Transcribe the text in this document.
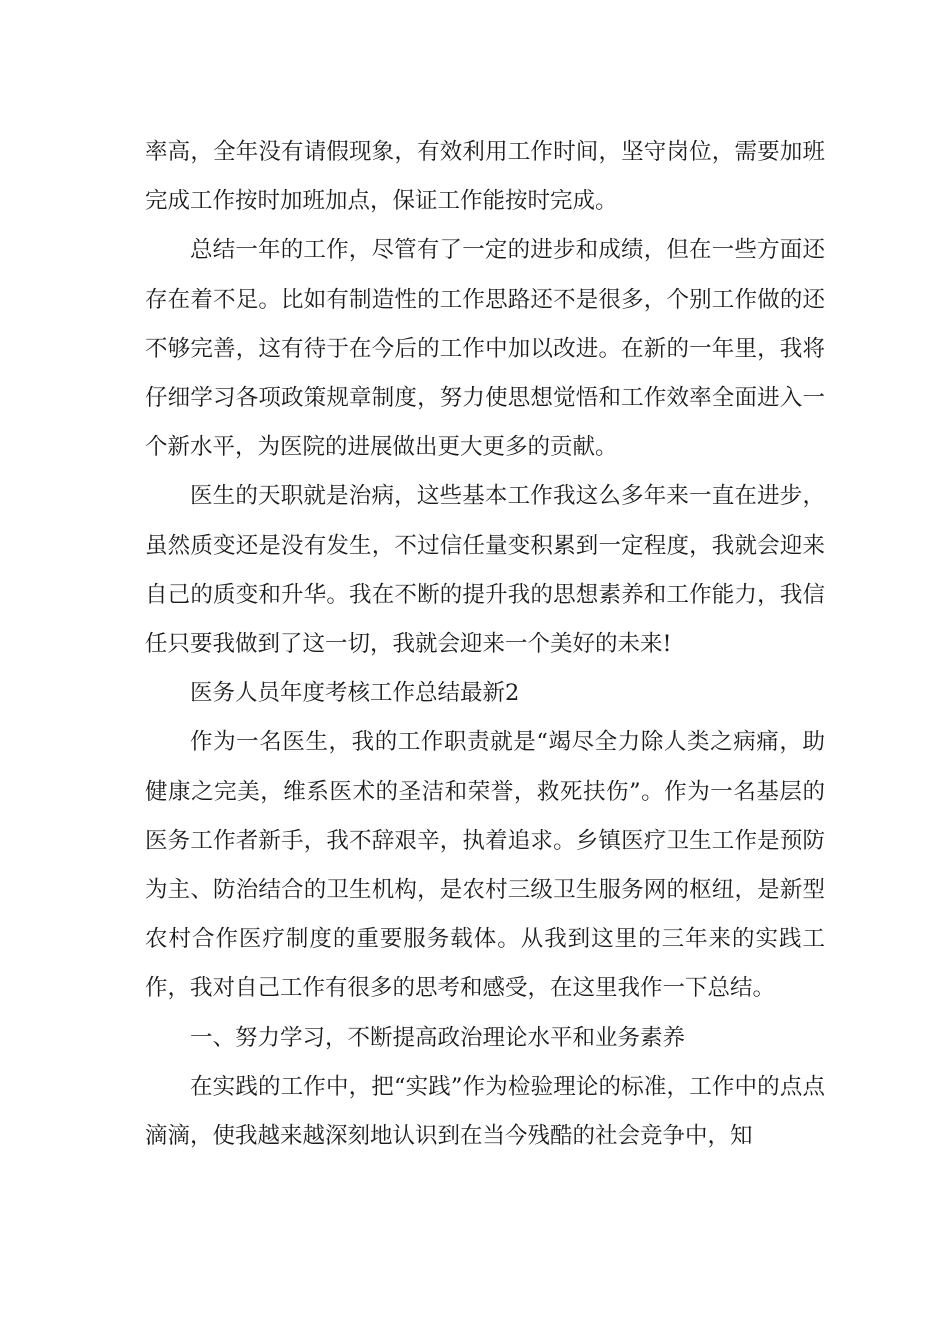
率高，全年没有请假现象，有效利用工作时间，坚守岗位，需要加班完成工作按时加班加点，保证工作能按时完成。

总结一年的工作，尽管有了一定的进步和成绩，但在一些方面还存在着不足。比如有制造性的工作思路还不是很多，个别工作做的还不够完善，这有待于在今后的工作中加以改进。在新的一年里，我将仔细学习各项政策规章制度，努力使思想觉悟和工作效率全面进入一个新水平，为医院的进展做出更大更多的贡献。

医生的天职就是治病，这些基本工作我这么多年来一直在进步，虽然质变还是没有发生，不过信任量变积累到一定程度，我就会迎来自己的质变和升华。我在不断的提升我的思想素养和工作能力，我信任只要我做到了这一切，我就会迎来一个美好的未来!

医务人员年度考核工作总结最新2

作为一名医生，我的工作职责就是“竭尽全力除人类之病痛，助健康之完美，维系医术的圣洁和荣誉，救死扶伤”。作为一名基层的医务工作者新手，我不辞艰辛，执着追求。乡镇医疗卫生工作是预防为主、防治结合的卫生机构，是农村三级卫生服务网的枢纽，是新型农村合作医疗制度的重要服务载体。从我到这里的三年来的实践工作，我对自己工作有很多的思考和感受，在这里我作一下总结。

一、努力学习，不断提高政治理论水平和业务素养

在实践的工作中，把“实践”作为检验理论的标准，工作中的点点滴滴，使我越来越深刻地认识到在当今残酷的社会竞争中，知
